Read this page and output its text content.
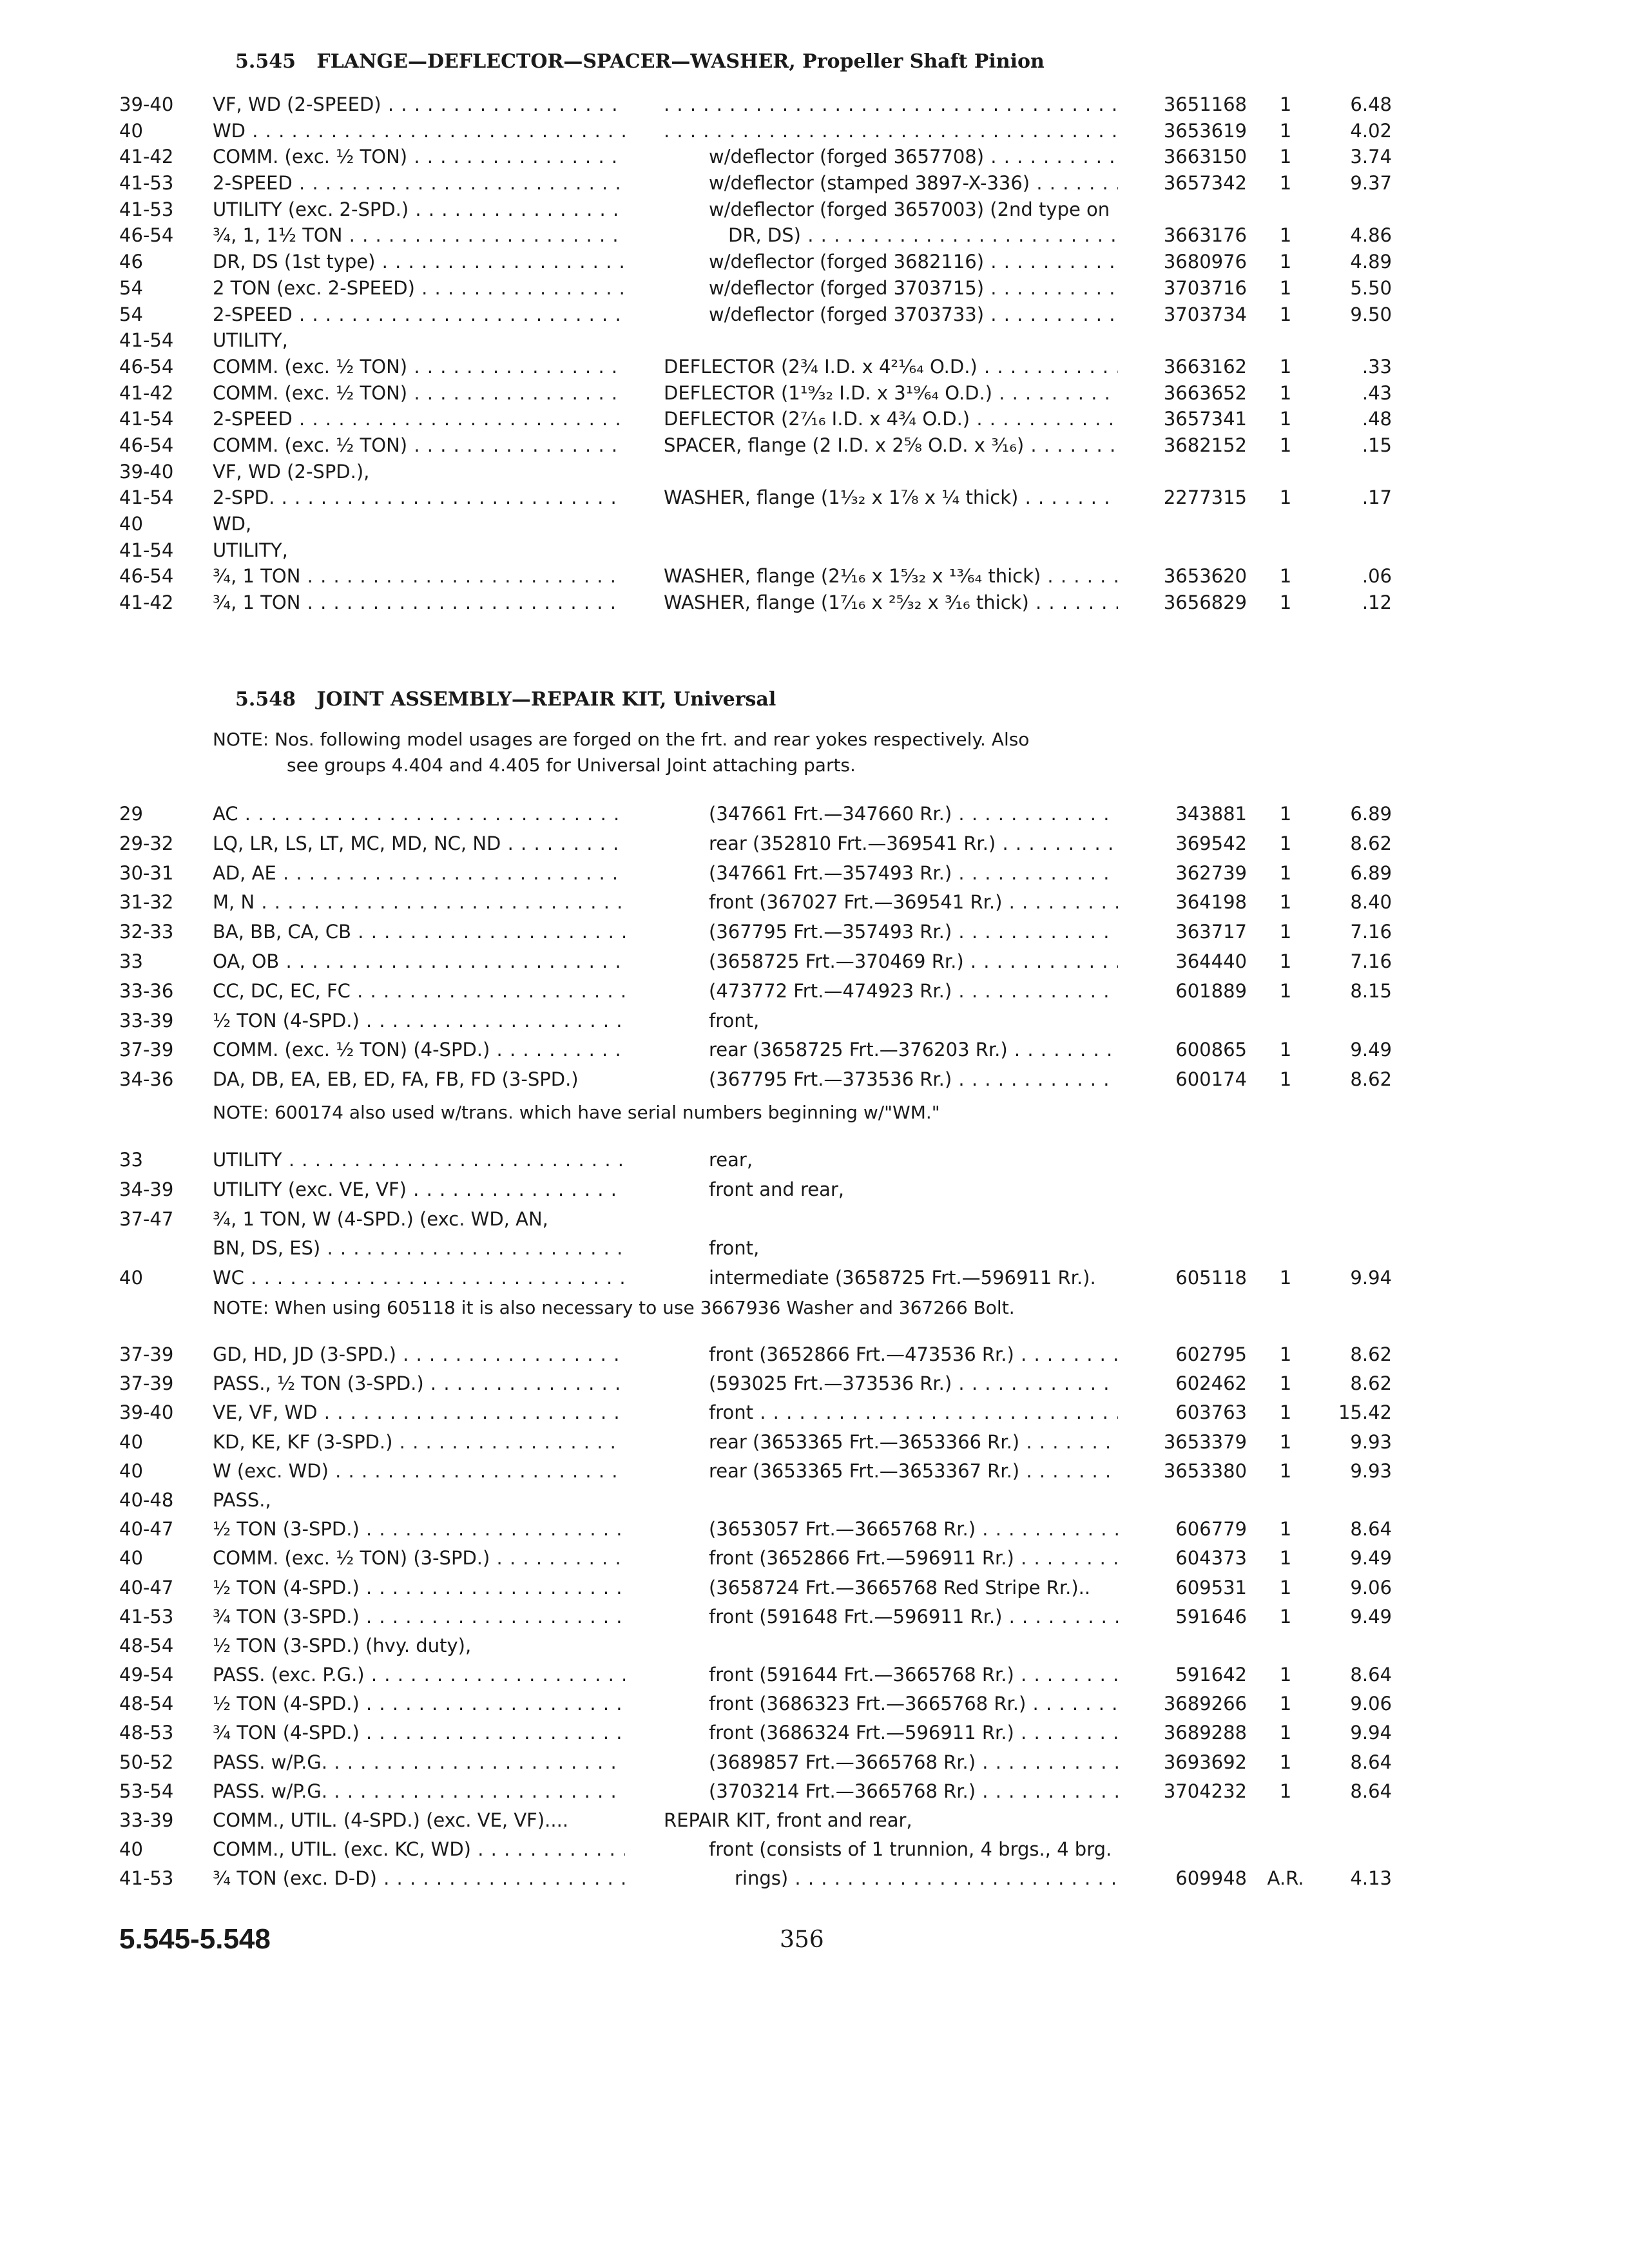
5.545 FLANGE—DEFLECTOR—SPACER—WASHER, Propeller Shaft Pinion
39-40	VF, WD (2-SPEED) . . . . . .	3651168	1	6.48
40	WD . . . . . .	3653619	1	4.02
41-42	COMM. (exc. ½ TON) . . .	w/deflector (forged 3657708) . . .	3663150	1	3.74
41-53	2-SPEED . . .	w/deflector (stamped 3897-X-336) . . .	3657342	1	9.37
41-53	UTILITY (exc. 2-SPD.) . . .	w/deflector (forged 3657003) (2nd type on
46-54	¾, 1, 1½ TON . . .	DR, DS) . . .	3663176	1	4.86
46	DR, DS (1st type) . . .	w/deflector (forged 3682116) . . .	3680976	1	4.89
54	2 TON (exc. 2-SPEED) . . .	w/deflector (forged 3703715) . . .	3703716	1	5.50
54	2-SPEED . . .	w/deflector (forged 3703733) . . .	3703734	1	9.50
41-54	UTILITY,
46-54	COMM. (exc. ½ TON) . . .	DEFLECTOR (2¾ I.D. x 4²¹⁄₆₄ O.D.) . . .	3663162	1	.33
41-42	COMM. (exc. ½ TON) . . .	DEFLECTOR (1¹⁹⁄₃₂ I.D. x 3¹⁹⁄₆₄ O.D.) . . .	3663652	1	.43
41-54	2-SPEED . . .	DEFLECTOR (2⁷⁄₁₆ I.D. x 4¾ O.D.) . . .	3657341	1	.48
46-54	COMM. (exc. ½ TON) . . .	SPACER, flange (2 I.D. x 2⅝ O.D. x ³⁄₁₆) . . .	3682152	1	.15
39-40	VF, WD (2-SPD.),
41-54	2-SPD. . . .	WASHER, flange (1¹⁄₃₂ x 1⅞ x ¼ thick) . . .	2277315	1	.17
40	WD,
41-54	UTILITY,
46-54	¾, 1 TON . . .	WASHER, flange (2¹⁄₁₆ x 1⁵⁄₃₂ x ¹³⁄₆₄ thick) . . .	3653620	1	.06
41-42	¾, 1 TON . . .	WASHER, flange (1⁷⁄₁₆ x ²⁵⁄₃₂ x ³⁄₁₆ thick) . . .	3656829	1	.12
5.548 JOINT ASSEMBLY—REPAIR KIT, Universal
NOTE: Nos. following model usages are forged on the frt. and rear yokes respectively. Also
see groups 4.404 and 4.405 for Universal Joint attaching parts.
29	AC . . .	(347661 Frt.—347660 Rr.) . . .	343881	1	6.89
29-32	LQ, LR, LS, LT, MC, MD, NC, ND . . .	rear (352810 Frt.—369541 Rr.) . . .	369542	1	8.62
30-31	AD, AE . . .	(347661 Frt.—357493 Rr.) . . .	362739	1	6.89
31-32	M, N . . .	front (367027 Frt.—369541 Rr.) . . .	364198	1	8.40
32-33	BA, BB, CA, CB . . .	(367795 Frt.—357493 Rr.) . . .	363717	1	7.16
33	OA, OB . . .	(3658725 Frt.—370469 Rr.) . . .	364440	1	7.16
33-36	CC, DC, EC, FC . . .	(473772 Frt.—474923 Rr.) . . .	601889	1	8.15
33-39	½ TON (4-SPD.) . . .	front,
37-39	COMM. (exc. ½ TON) (4-SPD.) . . .	rear (3658725 Frt.—376203 Rr.) . . .	600865	1	9.49
34-36	DA, DB, EA, EB, ED, FA, FB, FD (3-SPD.)	(367795 Frt.—373536 Rr.) . . .	600174	1	8.62
NOTE: 600174 also used w/trans. which have serial numbers beginning w/"WM."
33	UTILITY . . .	rear,
34-39	UTILITY (exc. VE, VF) . . .	front and rear,
37-47	¾, 1 TON, W (4-SPD.) (exc. WD, AN,
BN, DS, ES) . . .	front,
40	WC . . .	intermediate (3658725 Frt.—596911 Rr.).	605118	1	9.94
NOTE: When using 605118 it is also necessary to use 3667936 Washer and 367266 Bolt.
37-39	GD, HD, JD (3-SPD.) . . .	front (3652866 Frt.—473536 Rr.) . . .	602795	1	8.62
37-39	PASS., ½ TON (3-SPD.) . . .	(593025 Frt.—373536 Rr.) . . .	602462	1	8.62
39-40	VE, VF, WD . . .	front . . .	603763	1	15.42
40	KD, KE, KF (3-SPD.) . . .	rear (3653365 Frt.—3653366 Rr.) . . .	3653379	1	9.93
40	W (exc. WD) . . .	rear (3653365 Frt.—3653367 Rr.) . . .	3653380	1	9.93
40-48	PASS.,
40-47	½ TON (3-SPD.) . . .	(3653057 Frt.—3665768 Rr.) . . .	606779	1	8.64
40	COMM. (exc. ½ TON) (3-SPD.) . . .	front (3652866 Frt.—596911 Rr.) . . .	604373	1	9.49
40-47	½ TON (4-SPD.) . . .	(3658724 Frt.—3665768 Red Stripe Rr.)..	609531	1	9.06
41-53	¾ TON (3-SPD.) . . .	front (591648 Frt.—596911 Rr.) . . .	591646	1	9.49
48-54	½ TON (3-SPD.) (hvy. duty),
49-54	PASS. (exc. P.G.) . . .	front (591644 Frt.—3665768 Rr.) . . .	591642	1	8.64
48-54	½ TON (4-SPD.) . . .	front (3686323 Frt.—3665768 Rr.) . . .	3689266	1	9.06
48-53	¾ TON (4-SPD.) . . .	front (3686324 Frt.—596911 Rr.) . . .	3689288	1	9.94
50-52	PASS. w/P.G. . . .	(3689857 Frt.—3665768 Rr.) . . .	3693692	1	8.64
53-54	PASS. w/P.G. . . .	(3703214 Frt.—3665768 Rr.) . . .	3704232	1	8.64
33-39	COMM., UTIL. (4-SPD.) (exc. VE, VF)....	REPAIR KIT, front and rear,
40	COMM., UTIL. (exc. KC, WD) . . .	front (consists of 1 trunnion, 4 brgs., 4 brg.
41-53	¾ TON (exc. D-D) . . .	rings) . . .	609948 A.R.	4.13
5.545-5.548	356
